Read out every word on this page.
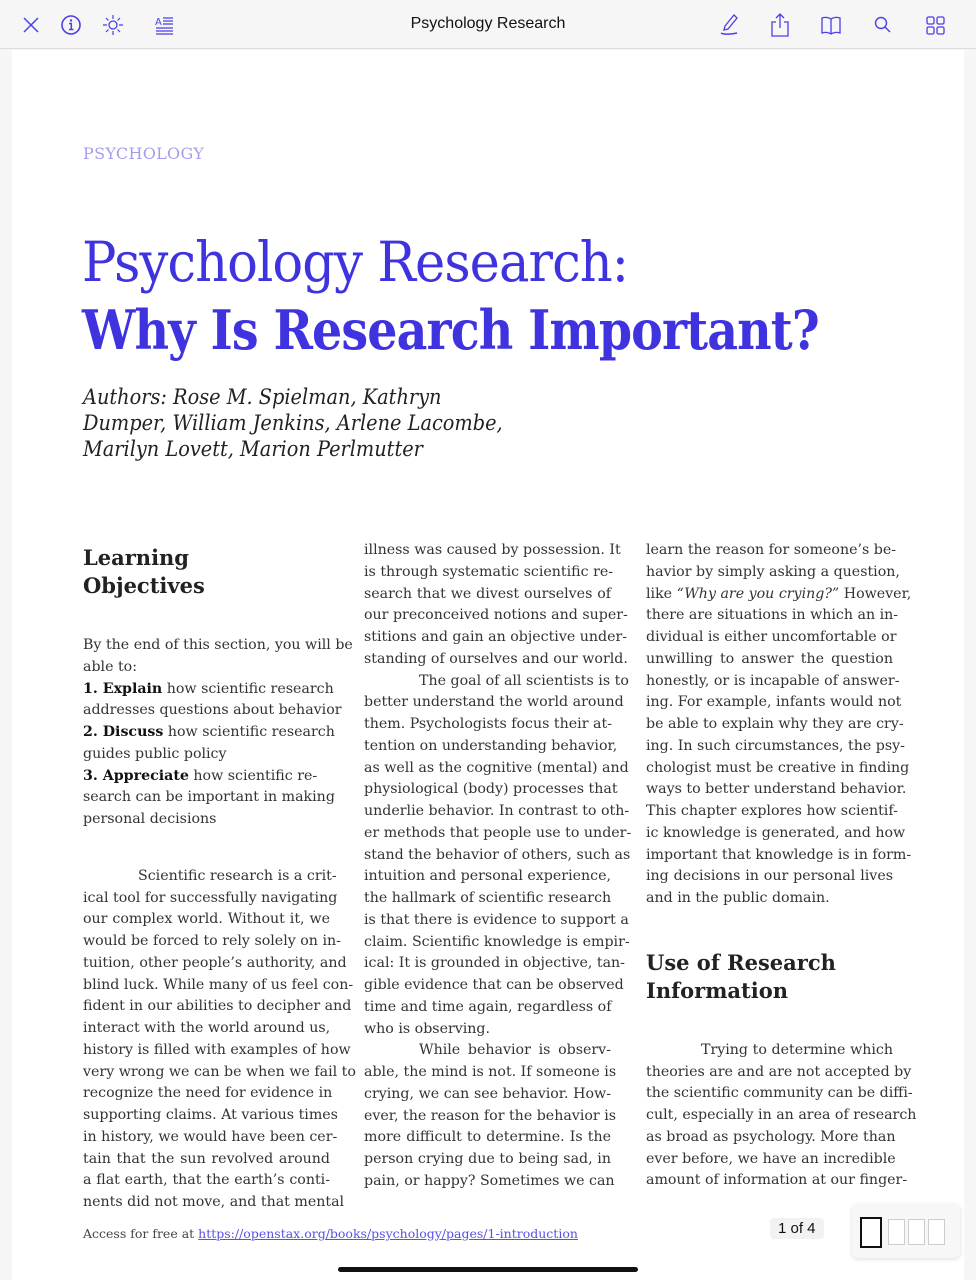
A	Psychology Research
PSYCHOLOGY
Psychology Research:
Why Is Research Important?
Authors: Rose M. Spielman, Kathryn
Dumper, William Jenkins, Arlene Lacombe,
Marilyn Lovett, Marion Perlmutter
Learning
Objectives
By the end of this section, you will be
able to:
1. Explain how scientific research
addresses questions about behavior
2. Discuss how scientific research
guides public policy
3. Appreciate how scientific re-
search can be important in making
personal decisions
Scientific research is a crit-
ical tool for successfully navigating
our complex world. Without it, we
would be forced to rely solely on in-
tuition, other people’s authority, and
blind luck. While many of us feel con-
fident in our abilities to decipher and
interact with the world around us,
history is filled with examples of how
very wrong we can be when we fail to
recognize the need for evidence in
supporting claims. At various times
in history, we would have been cer-
tain that the sun revolved around
a flat earth, that the earth’s conti-
nents did not move, and that mental
illness was caused by possession. It
is through systematic scientific re-
search that we divest ourselves of
our preconceived notions and super-
stitions and gain an objective under-
standing of ourselves and our world.
The goal of all scientists is to
better understand the world around
them. Psychologists focus their at-
tention on understanding behavior,
as well as the cognitive (mental) and
physiological (body) processes that
underlie behavior. In contrast to oth-
er methods that people use to under-
stand the behavior of others, such as
intuition and personal experience,
the hallmark of scientific research
is that there is evidence to support a
claim. Scientific knowledge is empir-
ical: It is grounded in objective, tan-
gible evidence that can be observed
time and time again, regardless of
who is observing.
While behavior is observ-
able, the mind is not. If someone is
crying, we can see behavior. How-
ever, the reason for the behavior is
more difficult to determine. Is the
person crying due to being sad, in
pain, or happy? Sometimes we can
learn the reason for someone’s be-
havior by simply asking a question,
like “Why are you crying?” However,
there are situations in which an in-
dividual is either uncomfortable or
unwilling to answer the question
honestly, or is incapable of answer-
ing. For example, infants would not
be able to explain why they are cry-
ing. In such circumstances, the psy-
chologist must be creative in finding
ways to better understand behavior.
This chapter explores how scientif-
ic knowledge is generated, and how
important that knowledge is in form-
ing decisions in our personal lives
and in the public domain.
Use of Research
Information
Trying to determine which
theories are and are not accepted by
the scientific community can be diffi-
cult, especially in an area of research
as broad as psychology. More than
ever before, we have an incredible
amount of information at our finger-
Access for free at https://openstax.org/books/psychology/pages/1-introduction	1 of 4
